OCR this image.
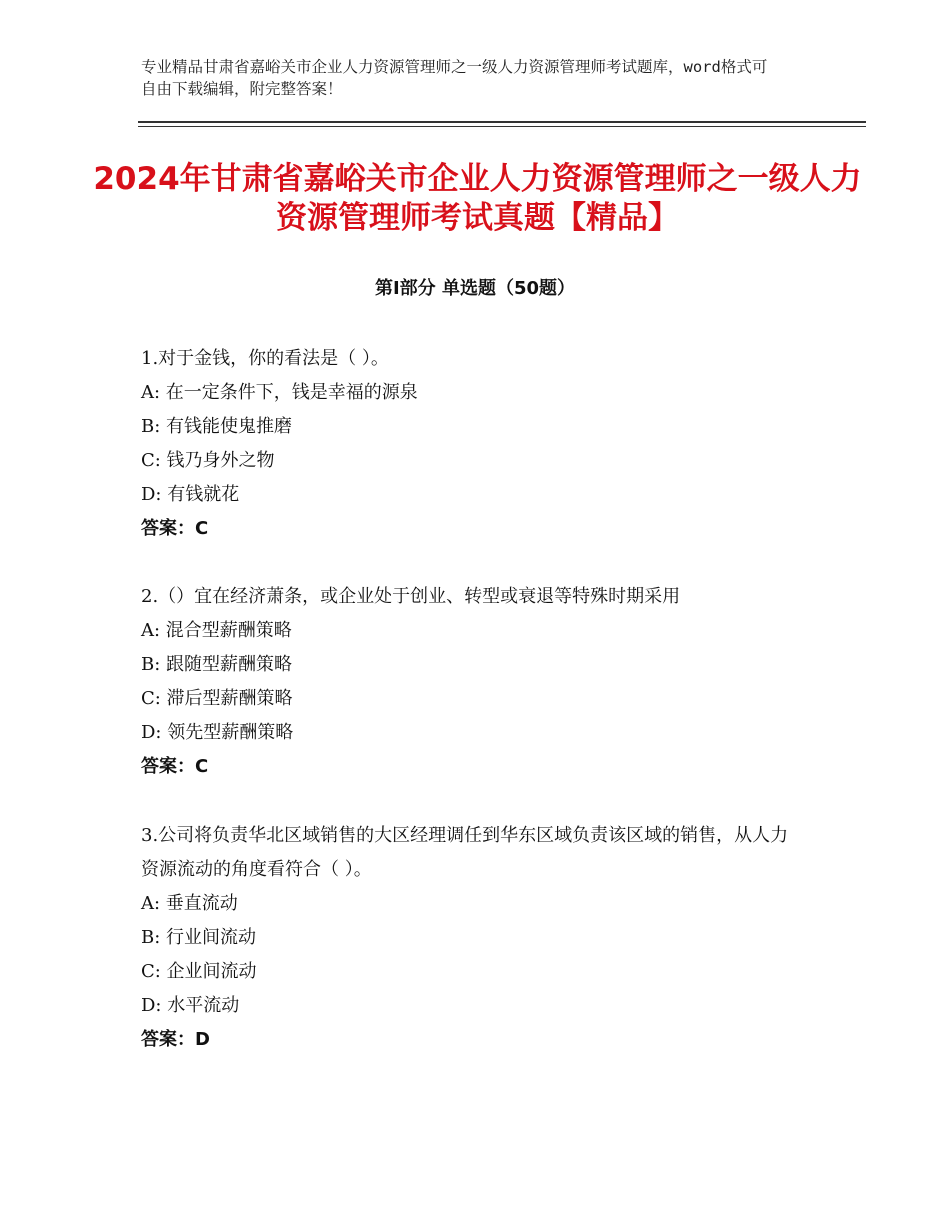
专业精品甘肃省嘉峪关市企业人力资源管理师之一级人力资源管理师考试题库，word格式可自由下载编辑，附完整答案！
2024年甘肃省嘉峪关市企业人力资源管理师之一级人力资源管理师考试真题【精品】
第Ⅰ部分 单选题（50题）
1.对于金钱，你的看法是（ ）。
A: 在一定条件下，钱是幸福的源泉
B: 有钱能使鬼推磨
C: 钱乃身外之物
D: 有钱就花
答案：C
2.（）宜在经济萧条，或企业处于创业、转型或衰退等特殊时期采用
A: 混合型薪酬策略
B: 跟随型薪酬策略
C: 滞后型薪酬策略
D: 领先型薪酬策略
答案：C
3.公司将负责华北区域销售的大区经理调任到华东区域负责该区域的销售，从人力资源流动的角度看符合（ ）。
A: 垂直流动
B: 行业间流动
C: 企业间流动
D: 水平流动
答案：D
